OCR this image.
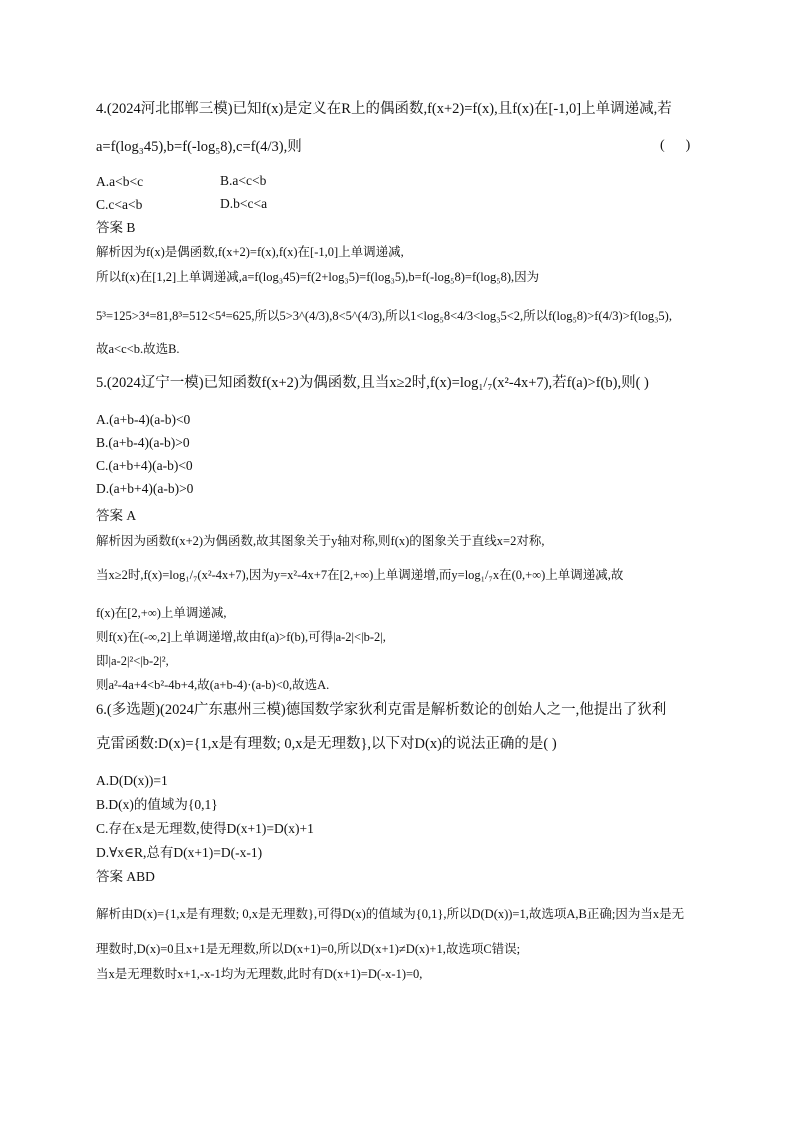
4.(2024河北邯郸三模)已知f(x)是定义在R上的偶函数,f(x+2)=f(x),且f(x)在[-1,0]上单调递减,若
a=f(log₃45),b=f(-log₅8),c=f(4/3),则	(      )
A.a<b<c	B.a<c<b
C.c<a<b	D.b<c<a
答案 B
解析因为f(x)是偶函数,f(x+2)=f(x),f(x)在[-1,0]上单调递减,
所以f(x)在[1,2]上单调递减,a=f(log₃45)=f(2+log₃5)=f(log₃5),b=f(-log₅8)=f(log₅8),因为
5³=125>3⁴=81,8³=512<5⁴=625,所以5>3^(4/3),8<5^(4/3),所以1<log₅8<4/3<log₃5<2,所以f(log₅8)>f(4/3)>f(log₃5),
故a<c<b.故选B.
5.(2024辽宁一模)已知函数f(x+2)为偶函数,且当x≥2时,f(x)=log₁/₇(x²-4x+7),若f(a)>f(b),则( )
A.(a+b-4)(a-b)<0
B.(a+b-4)(a-b)>0
C.(a+b+4)(a-b)<0
D.(a+b+4)(a-b)>0
答案 A
解析因为函数f(x+2)为偶函数,故其图象关于y轴对称,则f(x)的图象关于直线x=2对称,
当x≥2时,f(x)=log₁/₇(x²-4x+7),因为y=x²-4x+7在[2,+∞)上单调递增,而y=log₁/₇x在(0,+∞)上单调递减,故
f(x)在[2,+∞)上单调递减,
则f(x)在(-∞,2]上单调递增,故由f(a)>f(b),可得|a-2|<|b-2|,
即|a-2|²<|b-2|²,
则a²-4a+4<b²-4b+4,故(a+b-4)·(a-b)<0,故选A.
6.(多选题)(2024广东惠州三模)德国数学家狄利克雷是解析数论的创始人之一,他提出了狄利
克雷函数:D(x)={1,x是有理数; 0,x是无理数},以下对D(x)的说法正确的是( )
A.D(D(x))=1
B.D(x)的值域为{0,1}
C.存在x是无理数,使得D(x+1)=D(x)+1
D.∀x∈R,总有D(x+1)=D(-x-1)
答案 ABD
解析由D(x)={1,x是有理数; 0,x是无理数},可得D(x)的值域为{0,1},所以D(D(x))=1,故选项A,B正确;因为当x是无
理数时,D(x)=0且x+1是无理数,所以D(x+1)=0,所以D(x+1)≠D(x)+1,故选项C错误;
当x是无理数时x+1,-x-1均为无理数,此时有D(x+1)=D(-x-1)=0,
